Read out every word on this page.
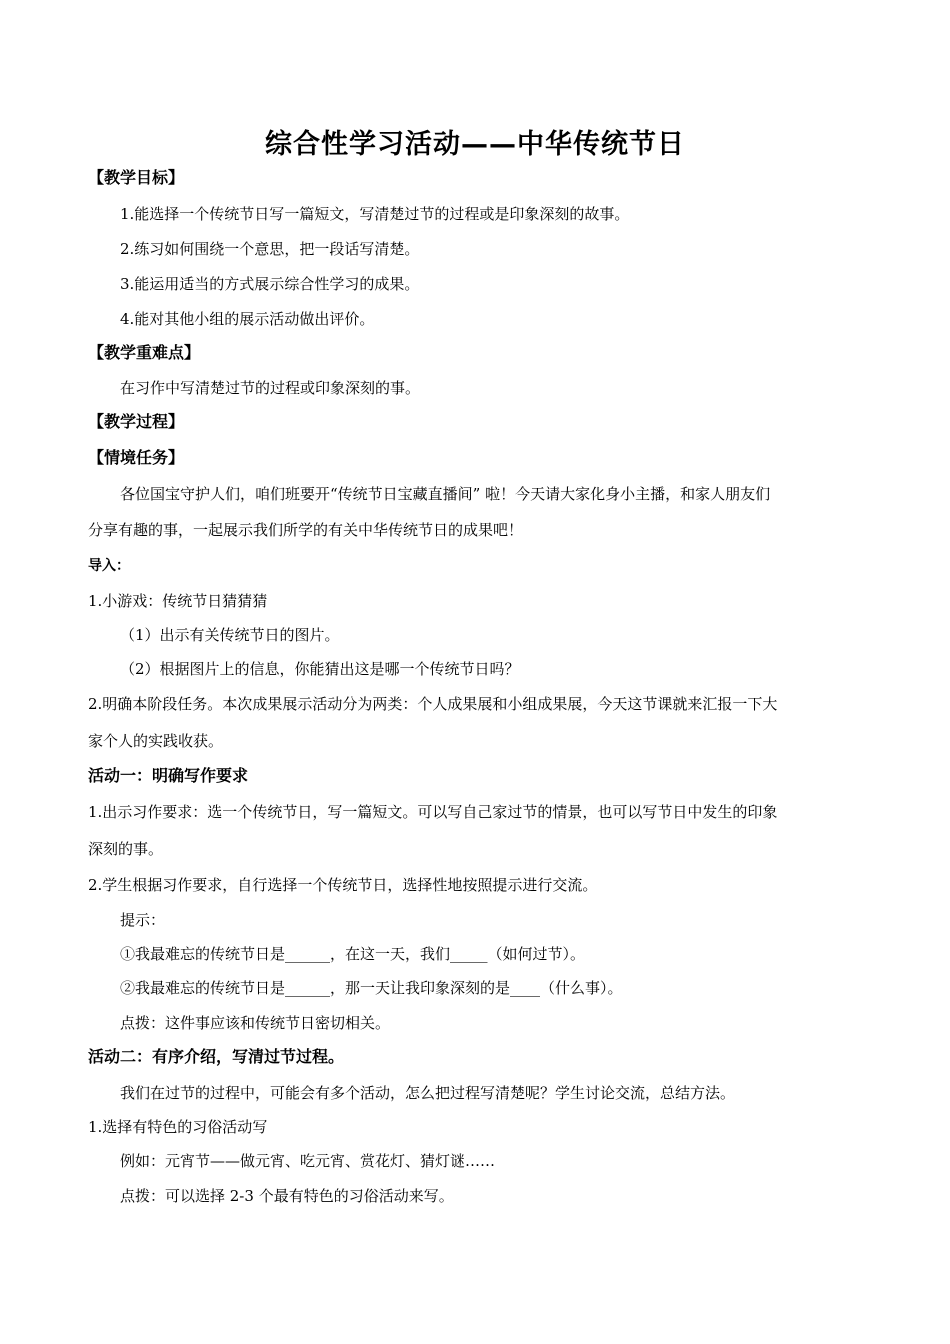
综合性学习活动——中华传统节日
【教学目标】
1.能选择一个传统节日写一篇短文，写清楚过节的过程或是印象深刻的故事。
2.练习如何围绕一个意思，把一段话写清楚。
3.能运用适当的方式展示综合性学习的成果。
4.能对其他小组的展示活动做出评价。
【教学重难点】
在习作中写清楚过节的过程或印象深刻的事。
【教学过程】
【情境任务】
各位国宝守护人们，咱们班要开“传统节日宝藏直播间” 啦！今天请大家化身小主播，和家人朋友们
分享有趣的事，一起展示我们所学的有关中华传统节日的成果吧！
导入：
1.小游戏：传统节日猜猜猜
（1）出示有关传统节日的图片。
（2）根据图片上的信息，你能猜出这是哪一个传统节日吗？
2.明确本阶段任务。本次成果展示活动分为两类：个人成果展和小组成果展，今天这节课就来汇报一下大
家个人的实践收获。
活动一：明确写作要求
1.出示习作要求：选一个传统节日，写一篇短文。可以写自己家过节的情景，也可以写节日中发生的印象
深刻的事。
2.学生根据习作要求，自行选择一个传统节日，选择性地按照提示进行交流。
提示：
①我最难忘的传统节日是______，在这一天，我们_____（如何过节）。
②我最难忘的传统节日是______，那一天让我印象深刻的是____（什么事）。
点拨：这件事应该和传统节日密切相关。
活动二：有序介绍，写清过节过程。
我们在过节的过程中，可能会有多个活动，怎么把过程写清楚呢？学生讨论交流，总结方法。
1.选择有特色的习俗活动写
例如：元宵节——做元宵、吃元宵、赏花灯、猜灯谜……
点拨：可以选择 2-3 个最有特色的习俗活动来写。
